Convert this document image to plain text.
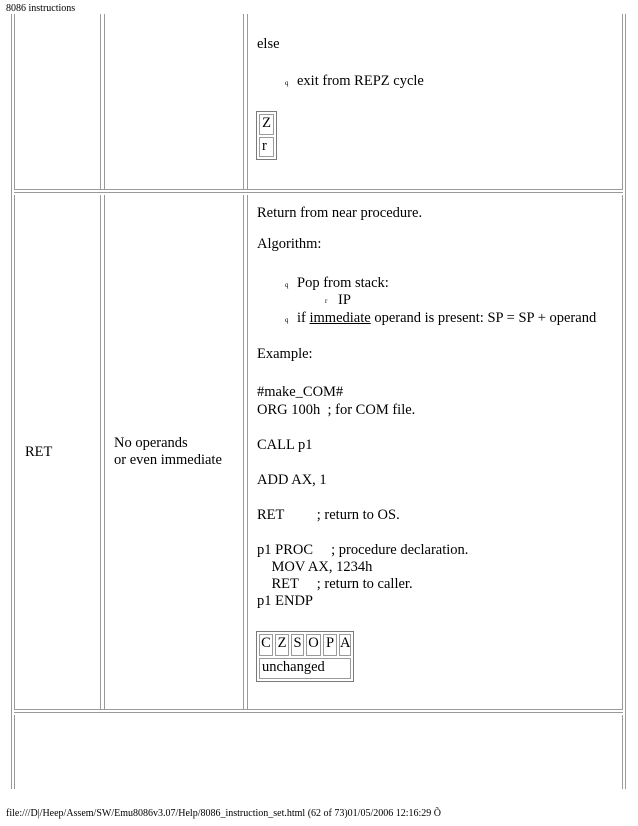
8086 instructions
else
q exit from REPZ cycle
Z
r
RET
No operands
or even immediate
Return from near procedure.
Algorithm:
q Pop from stack:
r IP
q if immediate operand is present: SP = SP + operand
Example:
#make_COM#
ORG 100h  ; for COM file.
CALL p1
ADD AX, 1
RET         ; return to OS.
p1 PROC     ; procedure declaration.
MOV AX, 1234h
RET     ; return to caller.
p1 ENDP
C Z S O P A
unchanged
file:///D|/Heep/Assem/SW/Emu8086v3.07/Help/8086_instruction_set.html (62 of 73)01/05/2006 12:16:29 Õ
